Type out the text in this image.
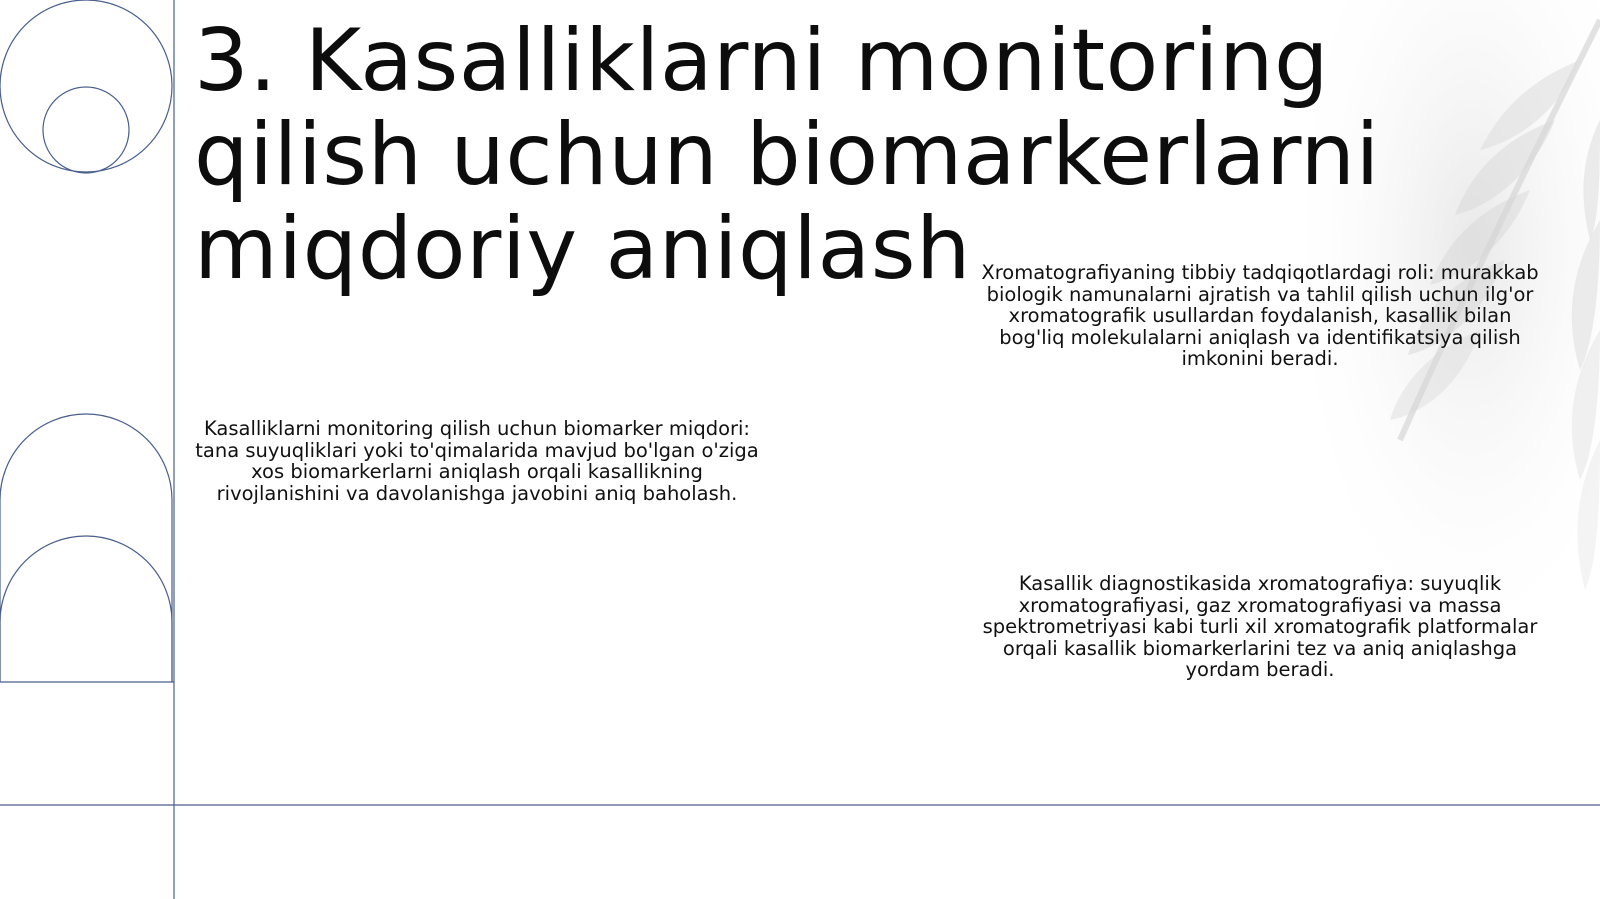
3. Kasalliklarni monitoring qilish uchun biomarkerlarni miqdoriy aniqlash

Kasalliklarni monitoring qilish uchun biomarker miqdori: tana suyuqliklari yoki to'qimalarida mavjud bo'lgan o'ziga xos biomarkerlarni aniqlash orqali kasallikning rivojlanishini va davolanishga javobini aniq baholash.

Xromatografiyaning tibbiy tadqiqotlardagi roli: murakkab biologik namunalarni ajratish va tahlil qilish uchun ilg'or xromatografik usullardan foydalanish, kasallik bilan bog'liq molekulalarni aniqlash va identifikatsiya qilish imkonini beradi.

Kasallik diagnostikasida xromatografiya: suyuqlik xromatografiyasi, gaz xromatografiyasi va massa spektrometriyasi kabi turli xil xromatografik platformalar orqali kasallik biomarkerlarini tez va aniq aniqlashga yordam beradi.
